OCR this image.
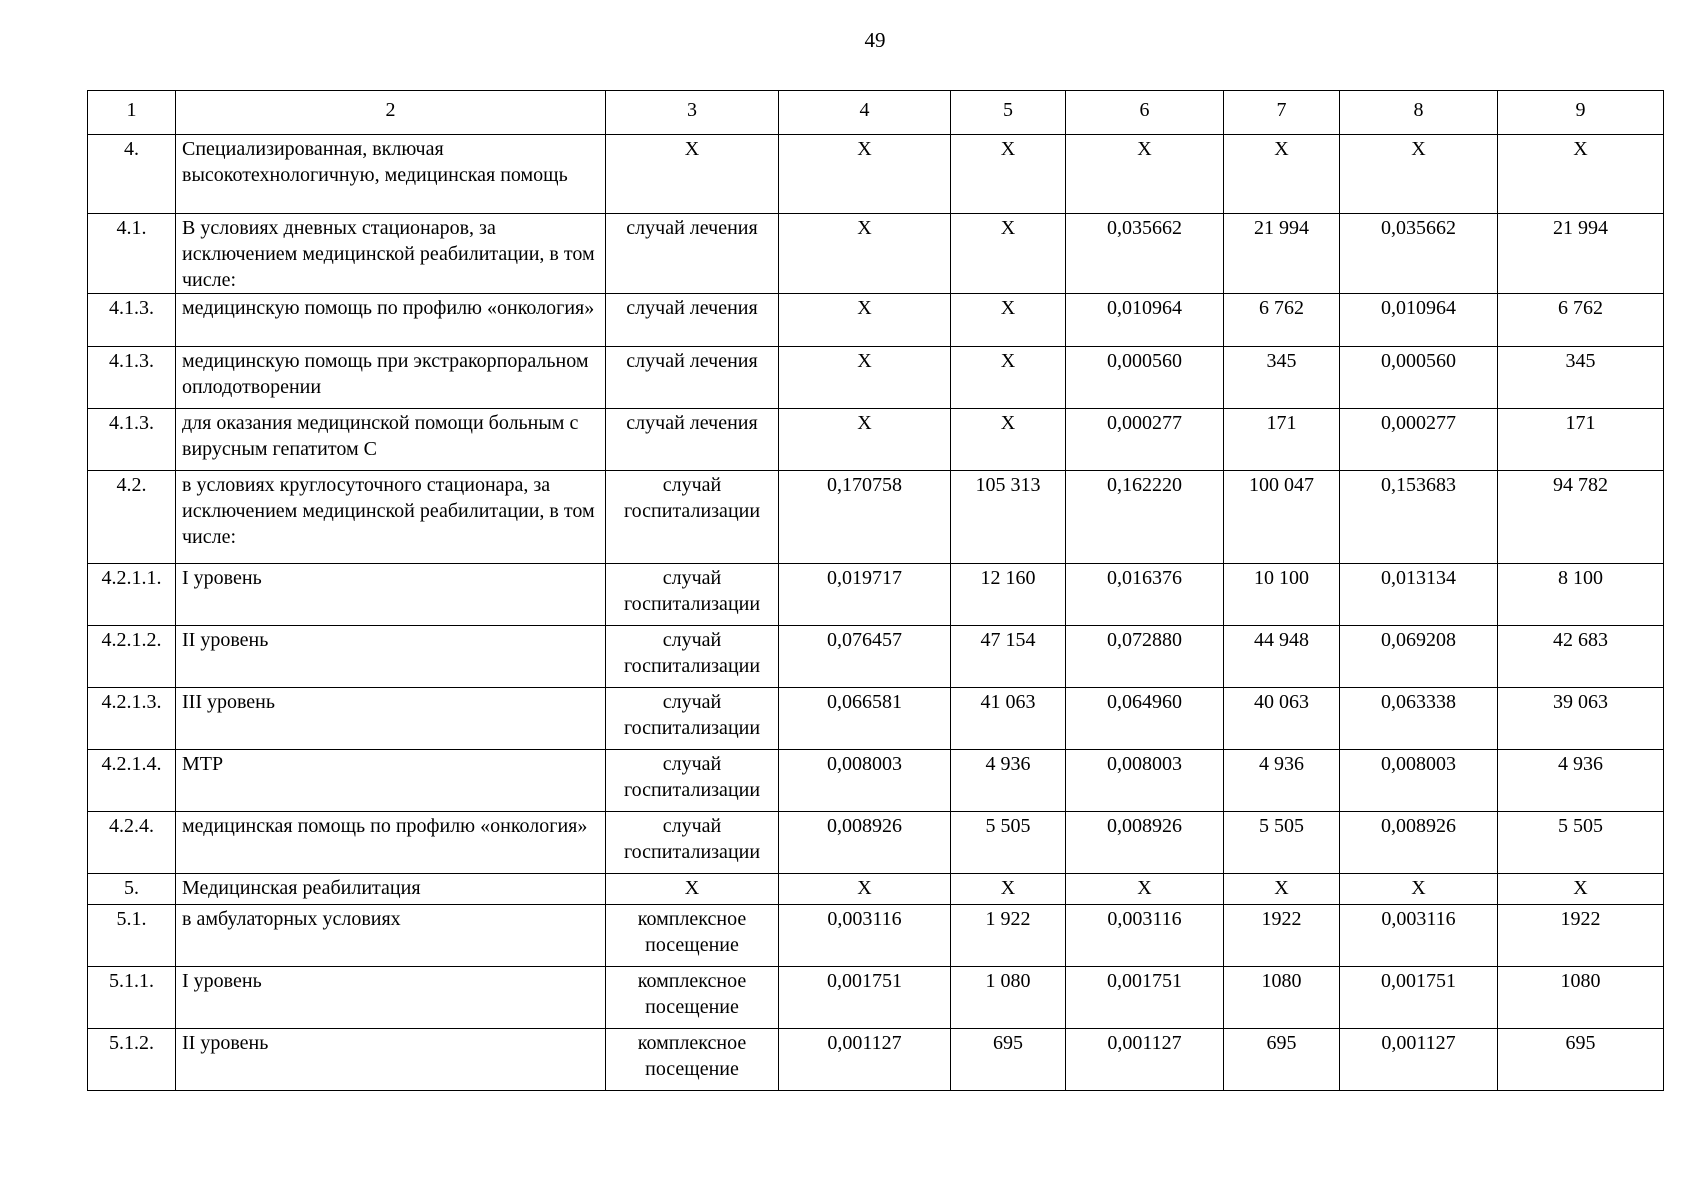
49
1	2	3	4	5	6	7	8	9
4.	Специализированная, включая высокотехнологичную, медицинская помощь	Х	Х	Х	Х	Х	Х	Х
4.1.	В условиях дневных стационаров, за исключением медицинской реабилитации, в том числе:	случай лечения	Х	Х	0,035662	21 994	0,035662	21 994
4.1.3.	медицинскую помощь по профилю «онкология»	случай лечения	Х	Х	0,010964	6 762	0,010964	6 762
4.1.3.	медицинскую помощь при экстракорпоральном оплодотворении	случай лечения	Х	Х	0,000560	345	0,000560	345
4.1.3.	для оказания медицинской помощи больным с вирусным гепатитом С	случай лечения	Х	Х	0,000277	171	0,000277	171
4.2.	в условиях круглосуточного стационара, за исключением медицинской реабилитации, в том числе:	случай госпитализации	0,170758	105 313	0,162220	100 047	0,153683	94 782
4.2.1.1.	I уровень	случай госпитализации	0,019717	12 160	0,016376	10 100	0,013134	8 100
4.2.1.2.	II уровень	случай госпитализации	0,076457	47 154	0,072880	44 948	0,069208	42 683
4.2.1.3.	III уровень	случай госпитализации	0,066581	41 063	0,064960	40 063	0,063338	39 063
4.2.1.4.	МТР	случай госпитализации	0,008003	4 936	0,008003	4 936	0,008003	4 936
4.2.4.	медицинская помощь по профилю «онкология»	случай госпитализации	0,008926	5 505	0,008926	5 505	0,008926	5 505
5.	Медицинская реабилитация	Х	Х	Х	Х	Х	Х	Х
5.1.	в амбулаторных условиях	комплексное посещение	0,003116	1 922	0,003116	1922	0,003116	1922
5.1.1.	I уровень	комплексное посещение	0,001751	1 080	0,001751	1080	0,001751	1080
5.1.2.	II уровень	комплексное посещение	0,001127	695	0,001127	695	0,001127	695
